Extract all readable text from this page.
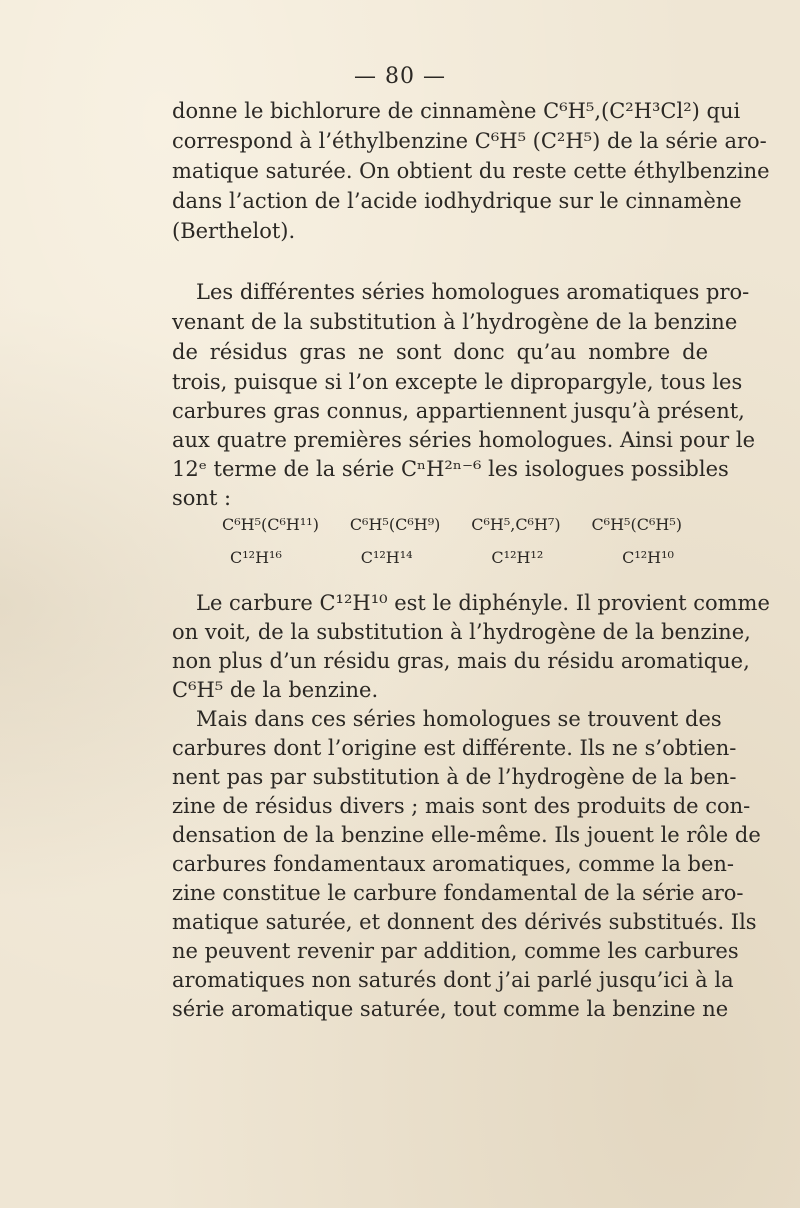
— 80 —
donne le bichlorure de cinnamène C⁶H⁵,(C²H³Cl²) qui
correspond à l’éthylbenzine C⁶H⁵ (C²H⁵) de la série aro-
matique saturée. On obtient du reste cette éthylbenzine
dans l’action de l’acide iodhydrique sur le cinnamène
(Berthelot).
Les différentes séries homologues aromatiques pro-
venant de la substitution à l’hydrogène de la benzine
de résidus gras ne sont donc qu’au nombre de
trois, puisque si l’on excepte le dipropargyle, tous les
carbures gras connus, appartiennent jusqu’à présent,
aux quatre premières séries homologues. Ainsi pour le
12ᵉ terme de la série CⁿH²ⁿ⁻⁶ les isologues possibles
sont :
C⁶H⁵(C⁶H¹¹) C⁶H⁵(C⁶H⁹) C⁶H⁵,C⁶H⁷) C⁶H⁵(C⁶H⁵)
C¹²H¹⁶	C¹²H¹⁴	C¹²H¹²	C¹²H¹⁰
Le carbure C¹²H¹⁰ est le diphényle. Il provient comme
on voit, de la substitution à l’hydrogène de la benzine,
non plus d’un résidu gras, mais du résidu aromatique,
C⁶H⁵ de la benzine.
Mais dans ces séries homologues se trouvent des
carbures dont l’origine est différente. Ils ne s’obtien-
nent pas par substitution à de l’hydrogène de la ben-
zine de résidus divers ; mais sont des produits de con-
densation de la benzine elle-même. Ils jouent le rôle de
carbures fondamentaux aromatiques, comme la ben-
zine constitue le carbure fondamental de la série aro-
matique saturée, et donnent des dérivés substitués. Ils
ne peuvent revenir par addition, comme les carbures
aromatiques non saturés dont j’ai parlé jusqu’ici à la
série aromatique saturée, tout comme la benzine ne
